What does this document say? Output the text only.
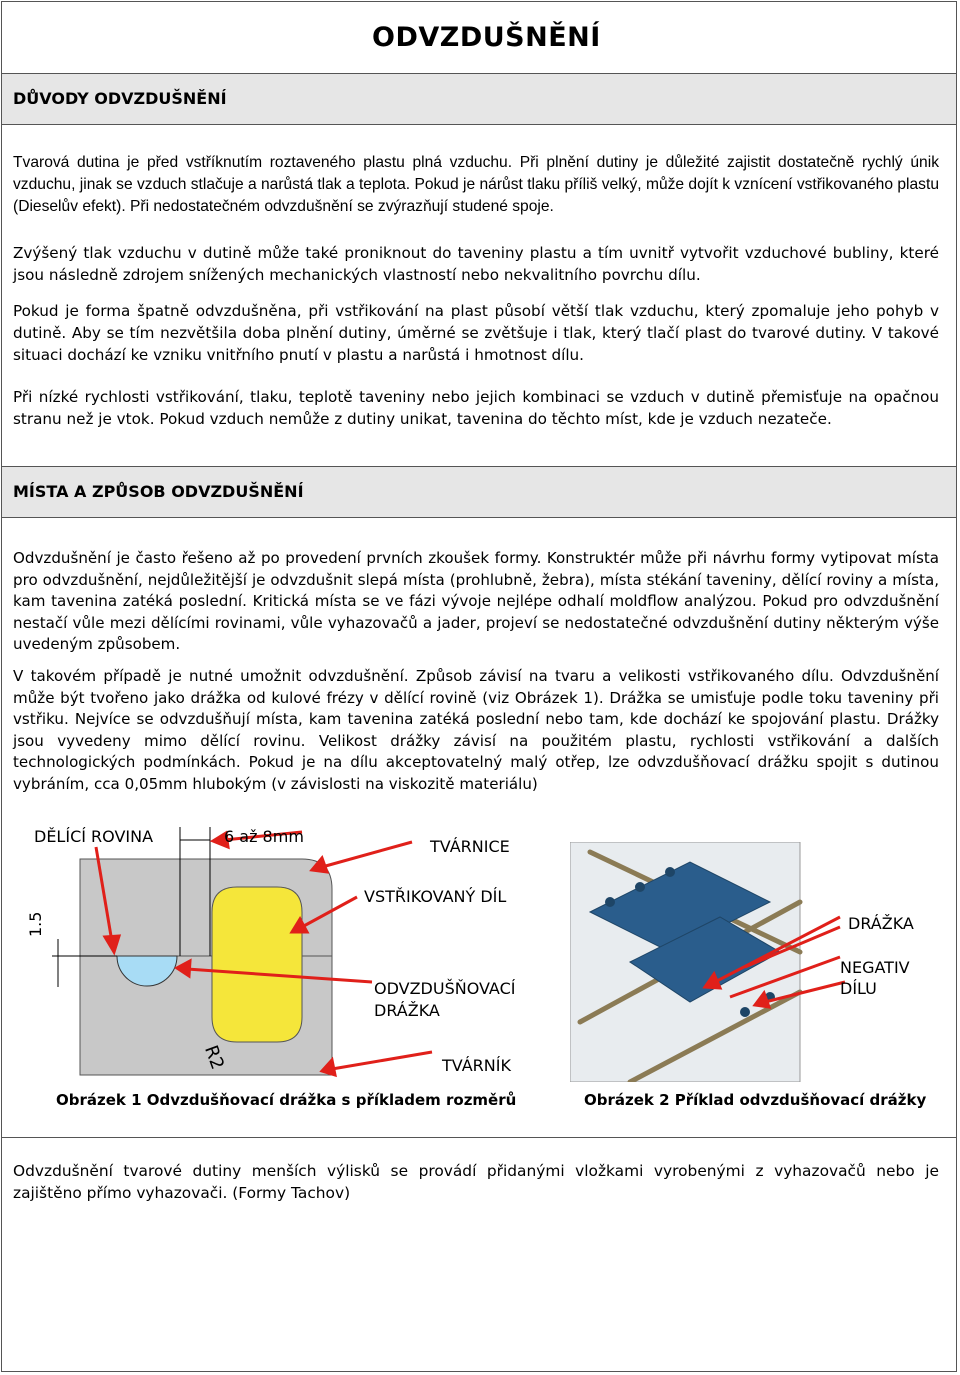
ODVZDUŠNĚNÍ
DŮVODY ODVZDUŠNĚNÍ
Tvarová dutina je před vstříknutím roztaveného plastu plná vzduchu. Při plnění dutiny je důležité zajistit dostatečně rychlý únik vzduchu, jinak se vzduch stlačuje a narůstá tlak a teplota. Pokud je nárůst tlaku příliš velký, může dojít k vznícení vstřikovaného plastu (Dieselův efekt). Při nedostatečném odvzdušnění se zvýrazňují studené spoje.
Zvýšený tlak vzduchu v dutině může také proniknout do taveniny plastu a tím uvnitř vytvořit vzduchové bubliny, které jsou následně zdrojem snížených mechanických vlastností nebo nekvalitního povrchu dílu.
Pokud je forma špatně odvzdušněna, při vstřikování na plast působí větší tlak vzduchu, který zpomaluje jeho pohyb v dutině. Aby se tím nezvětšila doba plnění dutiny, úměrné se zvětšuje i tlak, který tlačí plast do tvarové dutiny. V takové situaci dochází ke vzniku vnitřního pnutí v plastu a narůstá i hmotnost dílu.
Při nízké rychlosti vstřikování, tlaku, teplotě taveniny nebo jejich kombinaci se vzduch v dutině přemisťuje na opačnou stranu než je vtok. Pokud vzduch nemůže z dutiny unikat, tavenina do těchto míst, kde je vzduch nezateče.
MÍSTA A ZPŮSOB ODVZDUŠNĚNÍ
Odvzdušnění je často řešeno až po provedení prvních zkoušek formy. Konstruktér může při návrhu formy vytipovat místa pro odvzdušnění, nejdůležitější je odvzdušnit slepá místa (prohlubně, žebra), místa stékání taveniny, dělící roviny a místa, kam tavenina zatéká poslední. Kritická místa se ve fázi vývoje nejlépe odhalí moldflow analýzou. Pokud pro odvzdušnění nestačí vůle mezi dělícími rovinami, vůle vyhazovačů a jader, projeví se nedostatečné odvzdušnění dutiny některým výše uvedeným způsobem.
V takovém případě je nutné umožnit odvzdušnění. Způsob závisí na tvaru a velikosti vstřikovaného dílu. Odvzdušnění může být tvořeno jako drážka od kulové frézy v dělící rovině (viz Obrázek 1). Drážka se umisťuje podle toku taveniny při vstřiku. Nejvíce se odvzdušňují místa, kam tavenina zatéká poslední nebo tam, kde dochází ke spojování plastu. Drážky jsou vyvedeny mimo dělící rovinu. Velikost drážky závisí na použitém plastu, rychlosti vstřikování a dalších technologických podmínkách. Pokud je na dílu akceptovatelný malý otřep, lze odvzdušňovací drážku spojit s dutinou vybráním, cca 0,05mm hlubokým (v závislosti na viskozitě materiálu)
DĚLÍCÍ ROVINA	6 až 8mm
1.5
R2
TVÁRNICE
VSTŘIKOVANÝ DÍL
ODVZDUŠŇOVACÍ
DRÁŽKA
TVÁRNÍK
Obrázek 1 Odvzdušňovací drážka s příkladem rozměrů
DRÁŽKA
NEGATIV
DÍLU
Obrázek 2 Příklad odvzdušňovací drážky
Odvzdušnění tvarové dutiny menších výlisků se provádí přidanými vložkami vyrobenými z vyhazovačů nebo je zajištěno přímo vyhazovači. (Formy Tachov)
